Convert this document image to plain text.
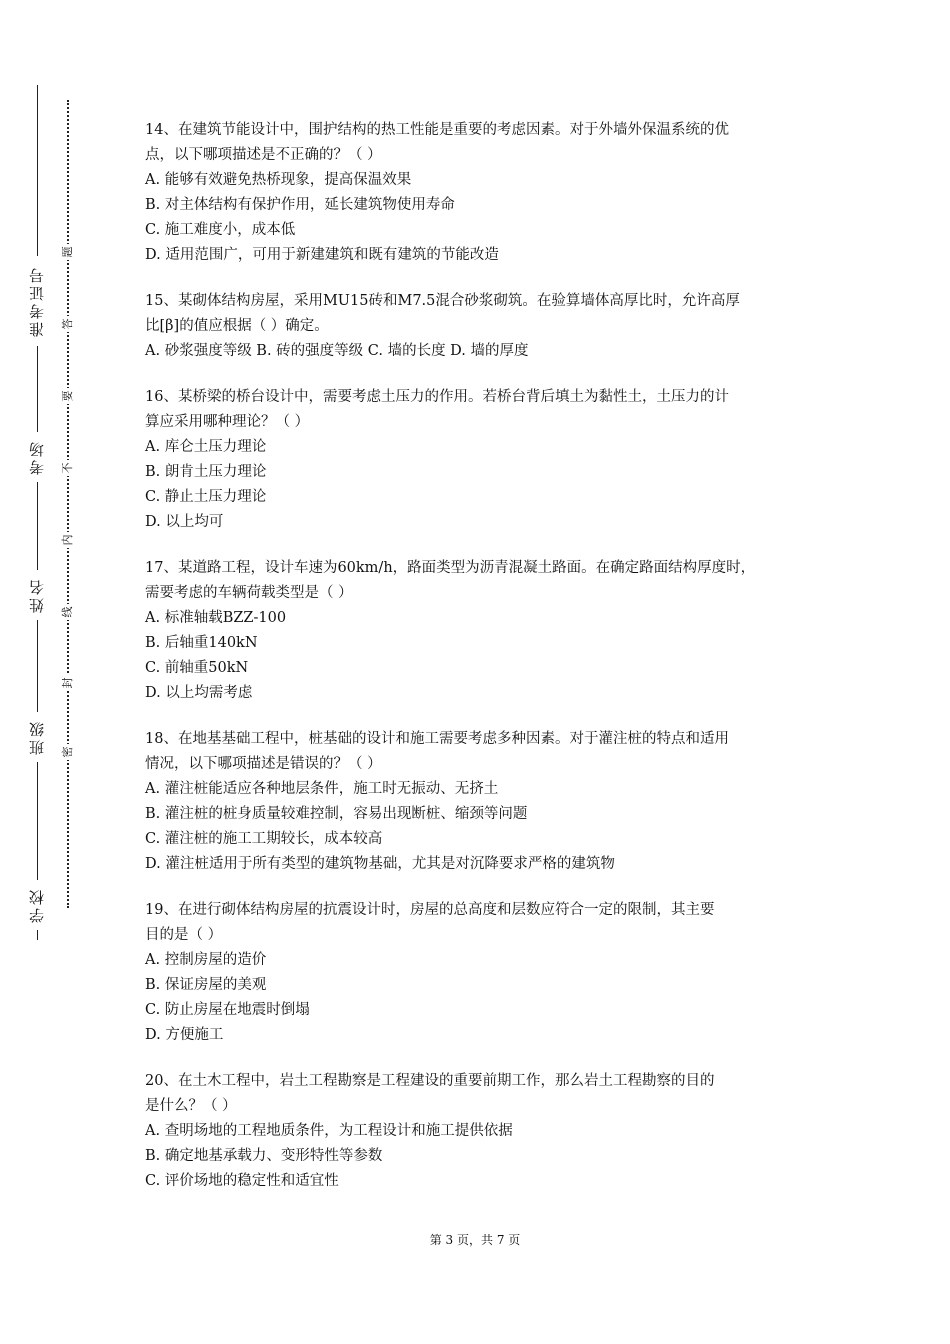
学校
班级
姓名
考场
准考证号
密
封
线
内
不
要
答
题
14、在建筑节能设计中，围护结构的热工性能是重要的考虑因素。对于外墙外保温系统的优
点，以下哪项描述是不正确的？（ ）
A. 能够有效避免热桥现象，提高保温效果
B. 对主体结构有保护作用，延长建筑物使用寿命
C. 施工难度小，成本低
D. 适用范围广，可用于新建建筑和既有建筑的节能改造
15、某砌体结构房屋，采用MU15砖和M7.5混合砂浆砌筑。在验算墙体高厚比时，允许高厚
比[β]的值应根据（ ）确定。
A. 砂浆强度等级 B. 砖的强度等级 C. 墙的长度 D. 墙的厚度
16、某桥梁的桥台设计中，需要考虑土压力的作用。若桥台背后填土为黏性土，土压力的计
算应采用哪种理论？（ ）
A. 库仑土压力理论
B. 朗肯土压力理论
C. 静止土压力理论
D. 以上均可
17、某道路工程，设计车速为60km/h，路面类型为沥青混凝土路面。在确定路面结构厚度时，
需要考虑的车辆荷载类型是（ ）
A. 标准轴载BZZ-100
B. 后轴重140kN
C. 前轴重50kN
D. 以上均需考虑
18、在地基基础工程中，桩基础的设计和施工需要考虑多种因素。对于灌注桩的特点和适用
情况，以下哪项描述是错误的？（ ）
A. 灌注桩能适应各种地层条件，施工时无振动、无挤土
B. 灌注桩的桩身质量较难控制，容易出现断桩、缩颈等问题
C. 灌注桩的施工工期较长，成本较高
D. 灌注桩适用于所有类型的建筑物基础，尤其是对沉降要求严格的建筑物
19、在进行砌体结构房屋的抗震设计时，房屋的总高度和层数应符合一定的限制，其主要
目的是（ ）
A. 控制房屋的造价
B. 保证房屋的美观
C. 防止房屋在地震时倒塌
D. 方便施工
20、在土木工程中，岩土工程勘察是工程建设的重要前期工作，那么岩土工程勘察的目的
是什么？（ ）
A. 查明场地的工程地质条件，为工程设计和施工提供依据
B. 确定地基承载力、变形特性等参数
C. 评价场地的稳定性和适宜性
第 3 页，共 7 页
